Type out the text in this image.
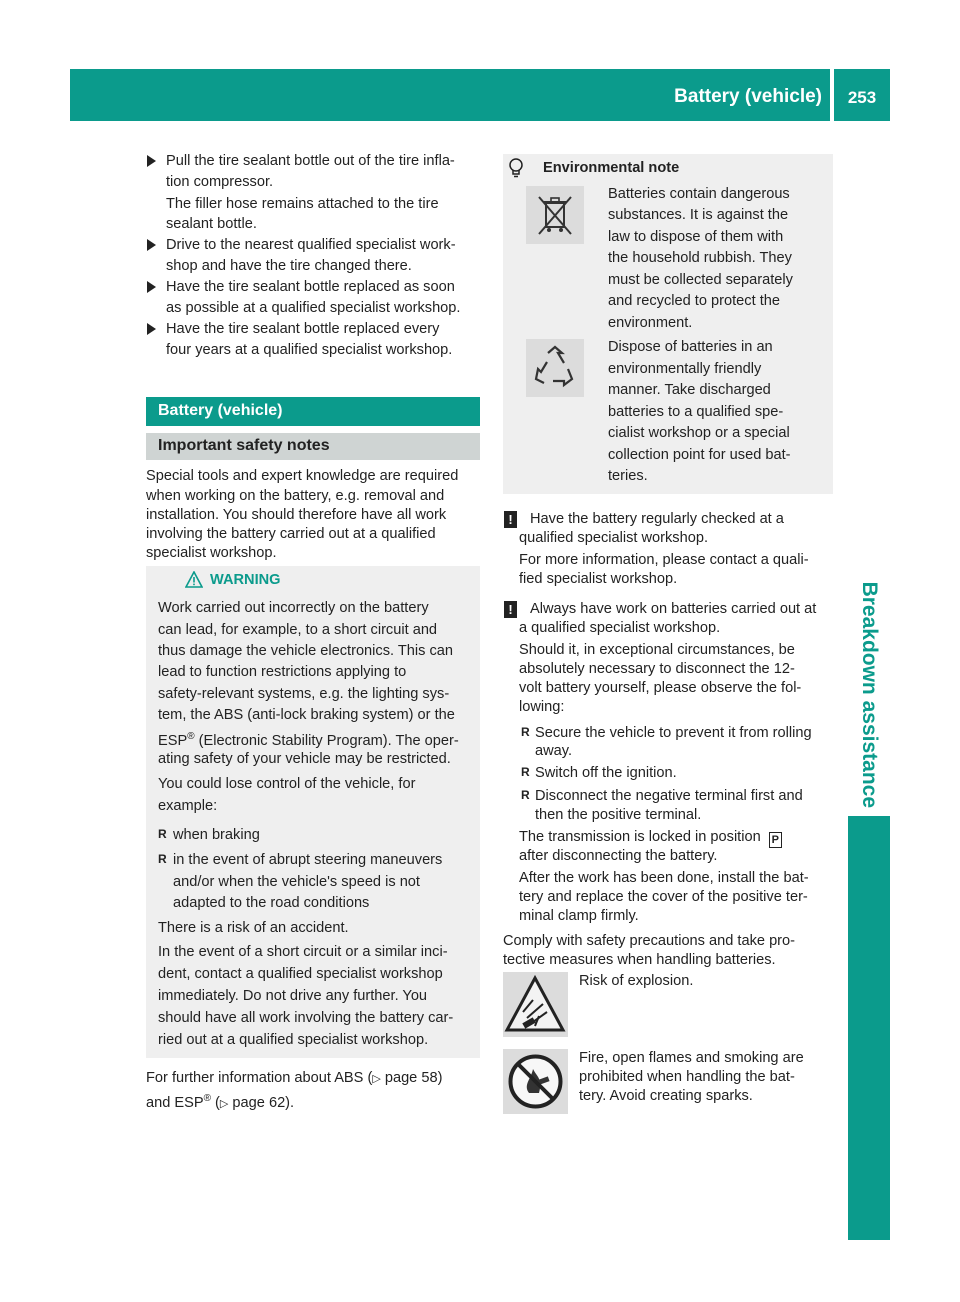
Battery (vehicle)	253
Breakdown assistance
Pull the tire sealant bottle out of the tire infla-
tion compressor.
The filler hose remains attached to the tire
sealant bottle.
Drive to the nearest qualified specialist work-
shop and have the tire changed there.
Have the tire sealant bottle replaced as soon
as possible at a qualified specialist workshop.
Have the tire sealant bottle replaced every
four years at a qualified specialist workshop.
Battery (vehicle)
Important safety notes
Special tools and expert knowledge are required
when working on the battery, e.g. removal and
installation. You should therefore have all work
involving the battery carried out at a qualified
specialist workshop.
WARNING
Work carried out incorrectly on the battery
can lead, for example, to a short circuit and
thus damage the vehicle electronics. This can
lead to function restrictions applying to
safety-relevant systems, e.g. the lighting sys-
tem, the ABS (anti-lock braking system) or the
ESP® (Electronic Stability Program). The oper-
ating safety of your vehicle may be restricted.
You could lose control of the vehicle, for
example:
R when braking
R in the event of abrupt steering maneuvers
and/or when the vehicle's speed is not
adapted to the road conditions
There is a risk of an accident.
In the event of a short circuit or a similar inci-
dent, contact a qualified specialist workshop
immediately. Do not drive any further. You
should have all work involving the battery car-
ried out at a qualified specialist workshop.
For further information about ABS (▷ page 58)
and ESP® (▷ page 62).
Environmental note
Batteries contain dangerous
substances. It is against the
law to dispose of them with
the household rubbish. They
must be collected separately
and recycled to protect the
environment.
Dispose of batteries in an
environmentally friendly
manner. Take discharged
batteries to a qualified spe-
cialist workshop or a special
collection point for used bat-
teries.
! Have the battery regularly checked at a
qualified specialist workshop.
For more information, please contact a quali-
fied specialist workshop.
! Always have work on batteries carried out at
a qualified specialist workshop.
Should it, in exceptional circumstances, be
absolutely necessary to disconnect the 12-
volt battery yourself, please observe the fol-
lowing:
R Secure the vehicle to prevent it from rolling
away.
R Switch off the ignition.
R Disconnect the negative terminal first and
then the positive terminal.
The transmission is locked in position P
after disconnecting the battery.
After the work has been done, install the bat-
tery and replace the cover of the positive ter-
minal clamp firmly.
Comply with safety precautions and take pro-
tective measures when handling batteries.
Risk of explosion.
Fire, open flames and smoking are
prohibited when handling the bat-
tery. Avoid creating sparks.
